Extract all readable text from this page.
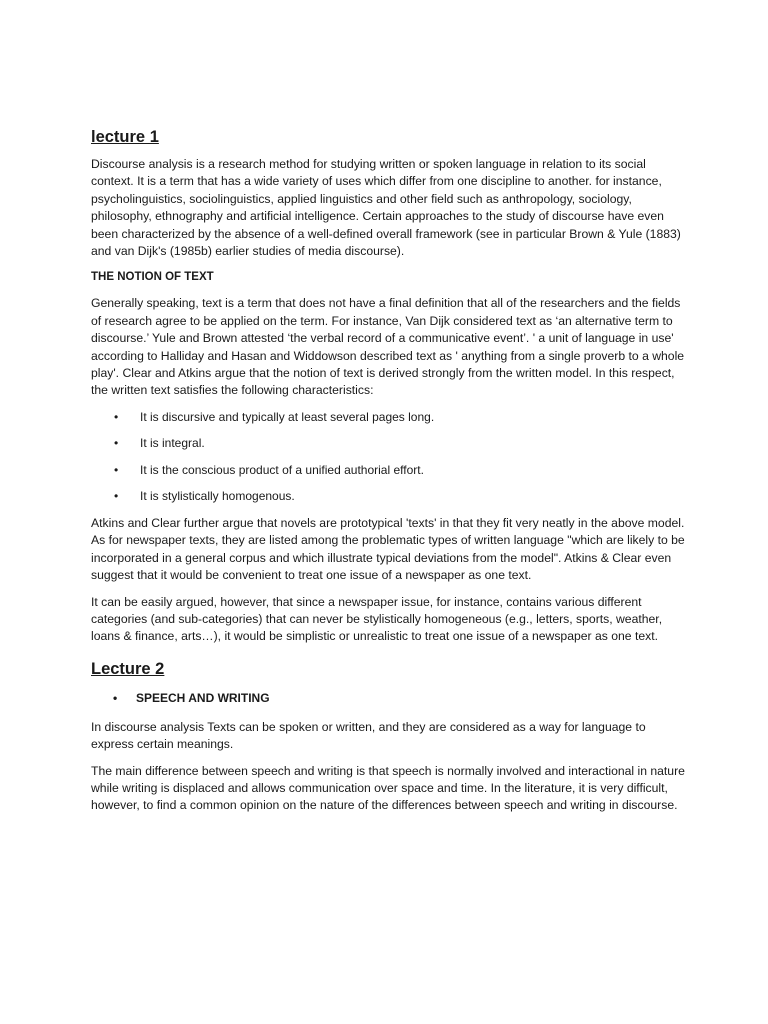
lecture 1

Discourse analysis is a research method for studying written or spoken language in relation to its social context. It is a term that has a wide variety of uses which differ from one discipline to another. for instance, psycholinguistics, sociolinguistics, applied linguistics and other field such as anthropology, sociology, philosophy, ethnography and artificial intelligence. Certain approaches to the study of discourse have even been characterized by the absence of a well-defined overall framework (see in particular Brown & Yule (1883) and van Dijk's (1985b) earlier studies of media discourse).

THE NOTION OF TEXT

Generally speaking, text is a term that does not have a final definition that all of the researchers and the fields of research agree to be applied on the term. For instance, Van Dijk considered text as ‘an alternative term to discourse.’ Yule and Brown attested ‘the verbal record of a communicative event’. ' a unit of language in use' according to Halliday and Hasan and Widdowson described text as ' anything from a single proverb to a whole play'. Clear and Atkins argue that the notion of text is derived strongly from the written model. In this respect, the written text satisfies the following characteristics:

• It is discursive and typically at least several pages long.
• It is integral.
• It is the conscious product of a unified authorial effort.
• It is stylistically homogenous.

Atkins and Clear further argue that novels are prototypical 'texts' in that they fit very neatly in the above model. As for newspaper texts, they are listed among the problematic types of written language "which are likely to be incorporated in a general corpus and which illustrate typical deviations from the model". Atkins & Clear even suggest that it would be convenient to treat one issue of a newspaper as one text.

It can be easily argued, however, that since a newspaper issue, for instance, contains various different categories (and sub-categories) that can never be stylistically homogeneous (e.g., letters, sports, weather, loans & finance, arts…), it would be simplistic or unrealistic to treat one issue of a newspaper as one text.

Lecture 2
• SPEECH AND WRITING

In discourse analysis Texts can be spoken or written, and they are considered as a way for language to express certain meanings.

The main difference between speech and writing is that speech is normally involved and interactional in nature while writing is displaced and allows communication over space and time. In the literature, it is very difficult, however, to find a common opinion on the nature of the differences between speech and writing in discourse.
